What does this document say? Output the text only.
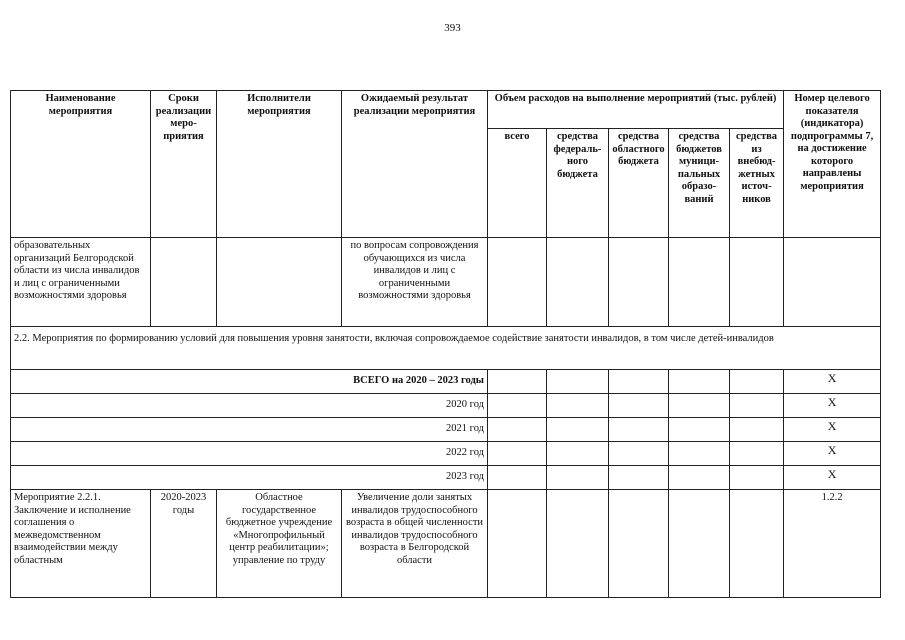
393
Наименование мероприятия	Сроки реализации меро-приятия	Исполнители мероприятия	Ожидаемый результат реализации мероприятия	Объем расходов на выполнение мероприятий (тыс. рублей)					Номер целевого показателя (индикатора) подпрограммы 7, на достижение которого направлены мероприятия
				всего	средства федераль-ного бюджета	средства областного бюджета	средства бюджетов муници-пальных образо-ваний	средства из внебюд-жетных источ-ников	
образовательных организаций Белгородской области из числа инвалидов и лиц с ограниченными возможностями здоровья			по вопросам сопровождения обучающихся из числа инвалидов и лиц с ограниченными возможностями здоровья						
2.2. Мероприятия по формированию условий для повышения уровня занятости, включая сопровождаемое содействие занятости инвалидов, в том числе детей-инвалидов									
ВСЕГО на 2020 – 2023 годы									Х
2020 год									Х
2021 год									Х
2022 год									Х
2023 год									Х
Мероприятие 2.2.1. Заключение и исполнение соглашения о межведомственном взаимодействии между областным	2020-2023 годы	Областное государственное бюджетное учреждение «Многопрофильный центр реабилитации»; управление по труду	Увеличение доли занятых инвалидов трудоспособного возраста в общей численности инвалидов трудоспособного возраста в Белгородской области						1.2.2
